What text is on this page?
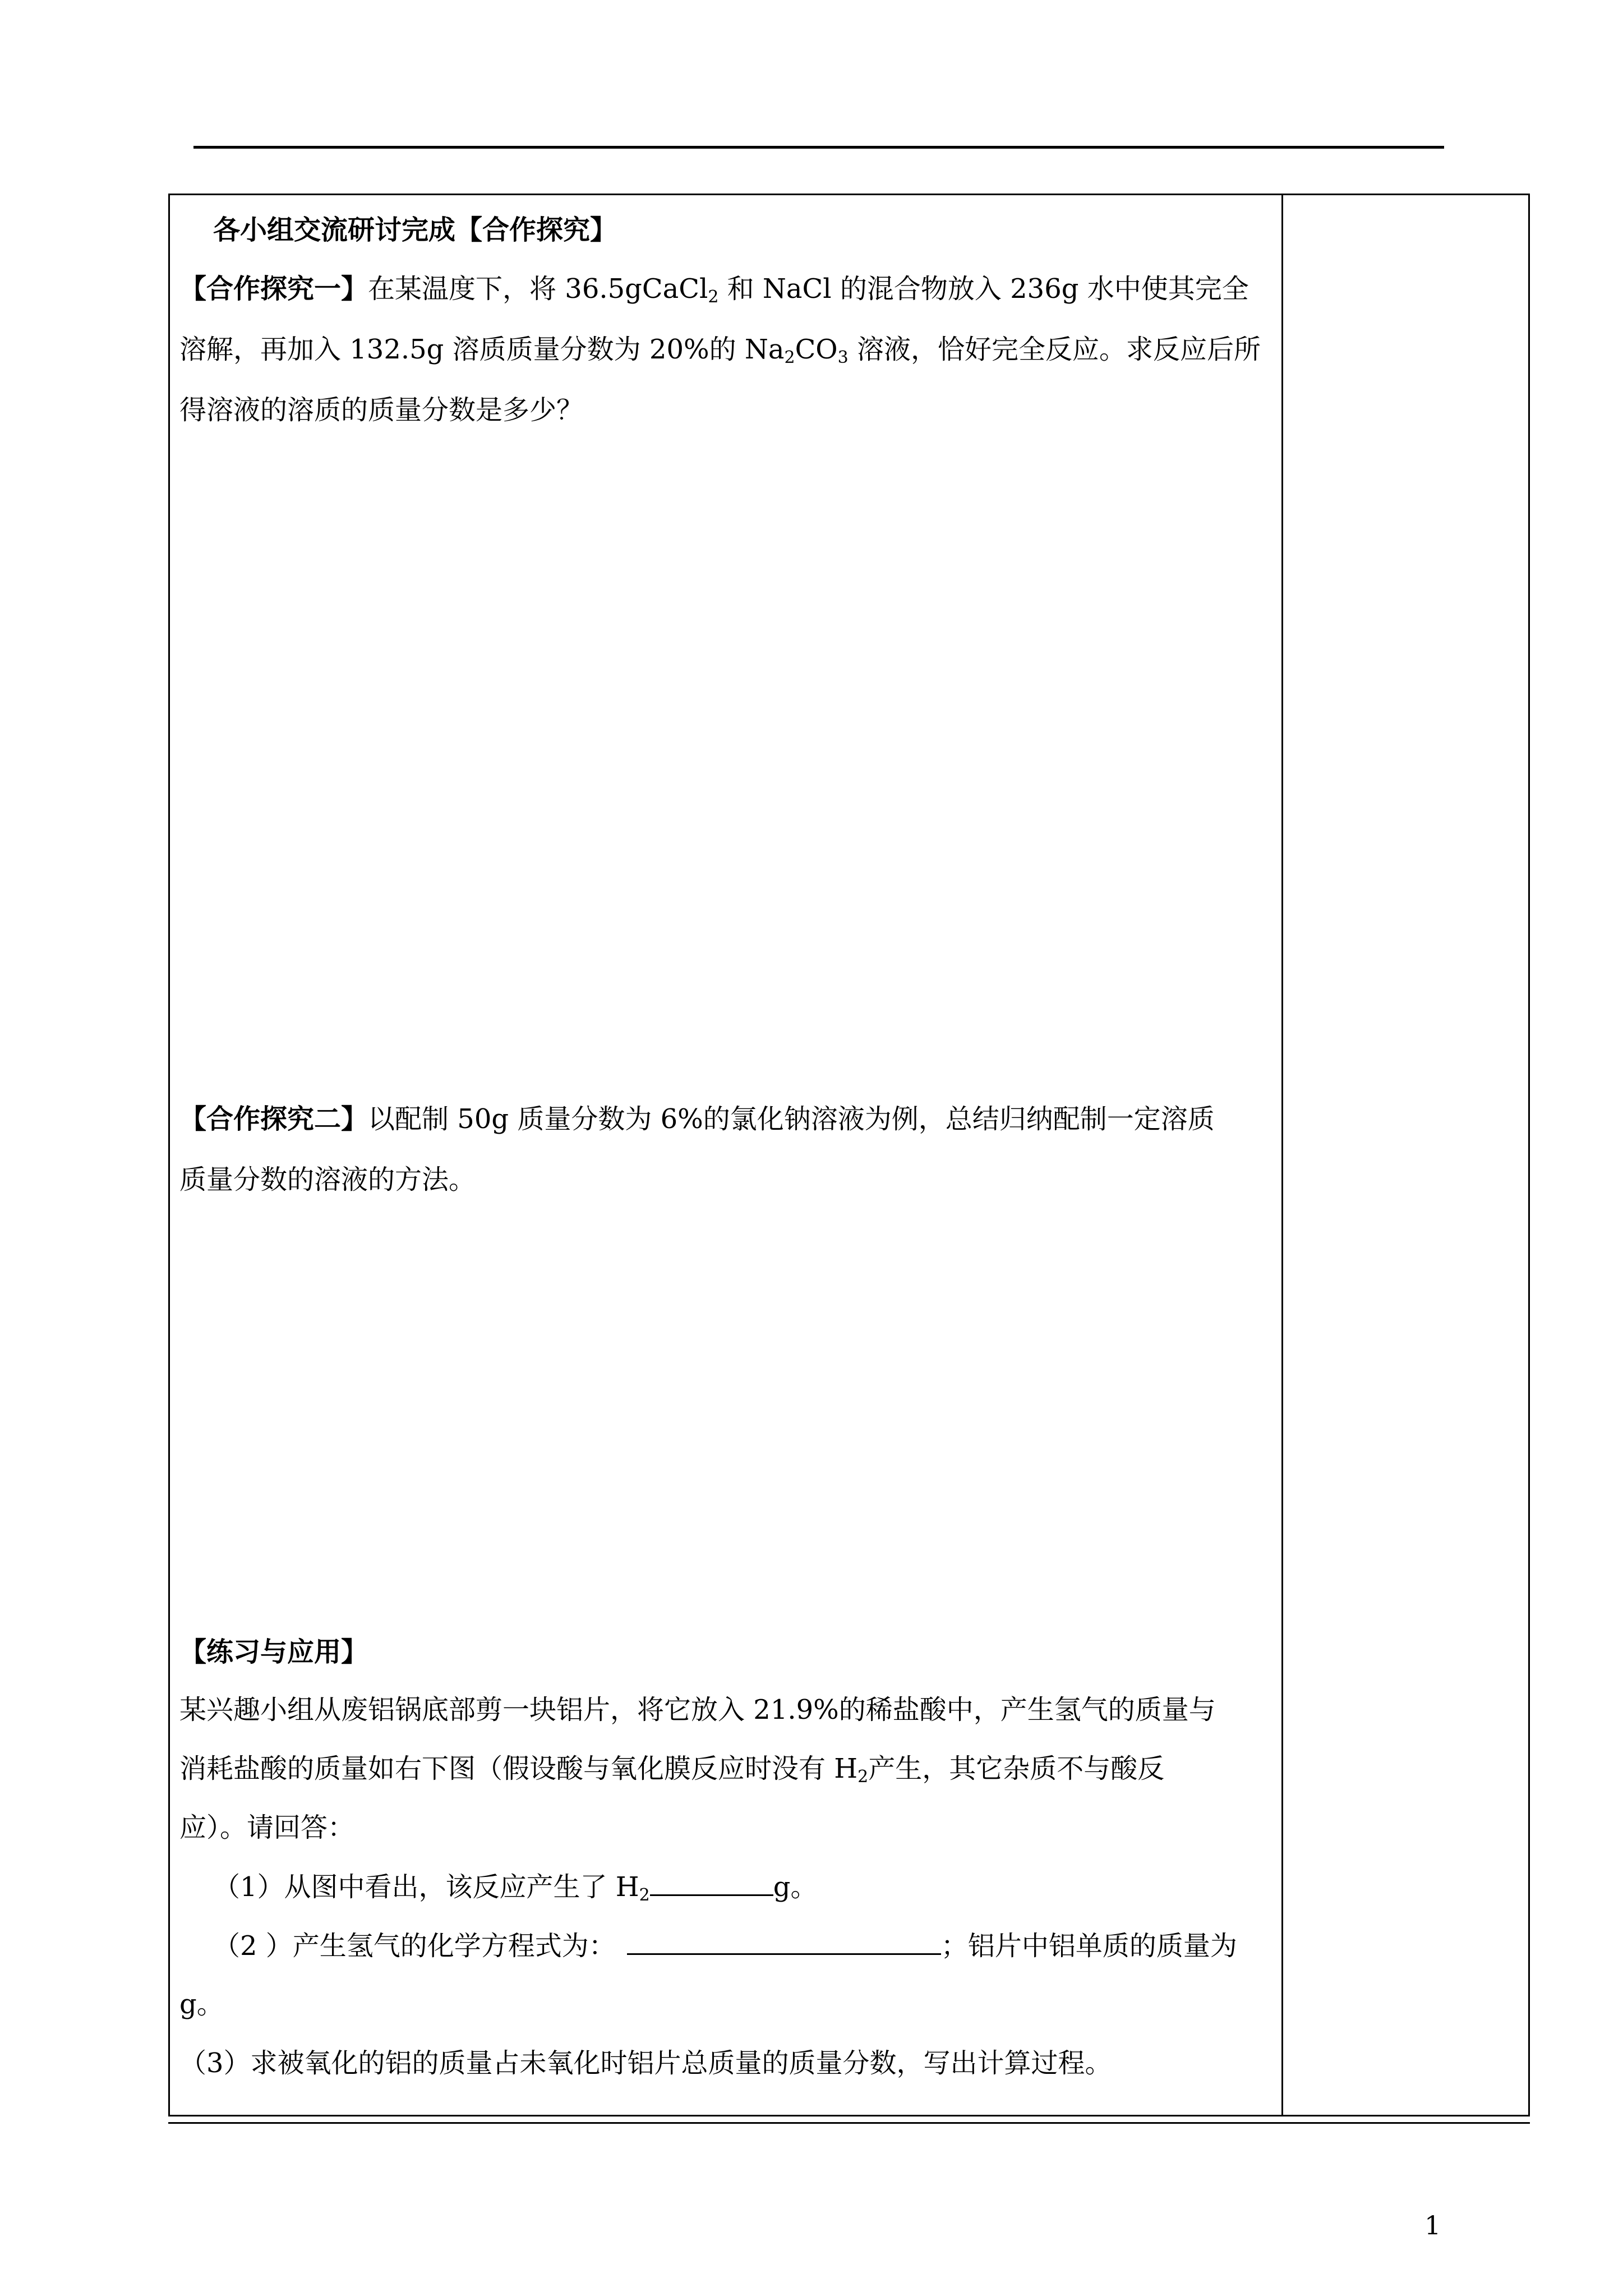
各小组交流研讨完成【合作探究】
【合作探究一】在某温度下，将 36.5gCaCl$_2$ 和 NaCl 的混合物放入 236g 水中使其完全
溶解，再加入 132.5g 溶质质量分数为 20%的 $Na_2CO_3$ 溶液，恰好完全反应。求反应后所
得溶液的溶质的质量分数是多少？
【合作探究二】以配制 50g 质量分数为 6%的氯化钠溶液为例，总结归纳配制一定溶质
质量分数的溶液的方法。
【练习与应用】
某兴趣小组从废铝锅底部剪一块铝片，将它放入 21.9%的稀盐酸中，产生氢气的质量与
消耗盐酸的质量如右下图（假设酸与氧化膜反应时没有 $H_2$产生，其它杂质不与酸反
应）。请回答：
（1）从图中看出，该反应产生了 $H_2$	g。
（2 ）产生氢气的化学方程式为：	；铝片中铝单质的质量为
g。
（3）求被氧化的铝的质量占未氧化时铝片总质量的质量分数，写出计算过程。
1
